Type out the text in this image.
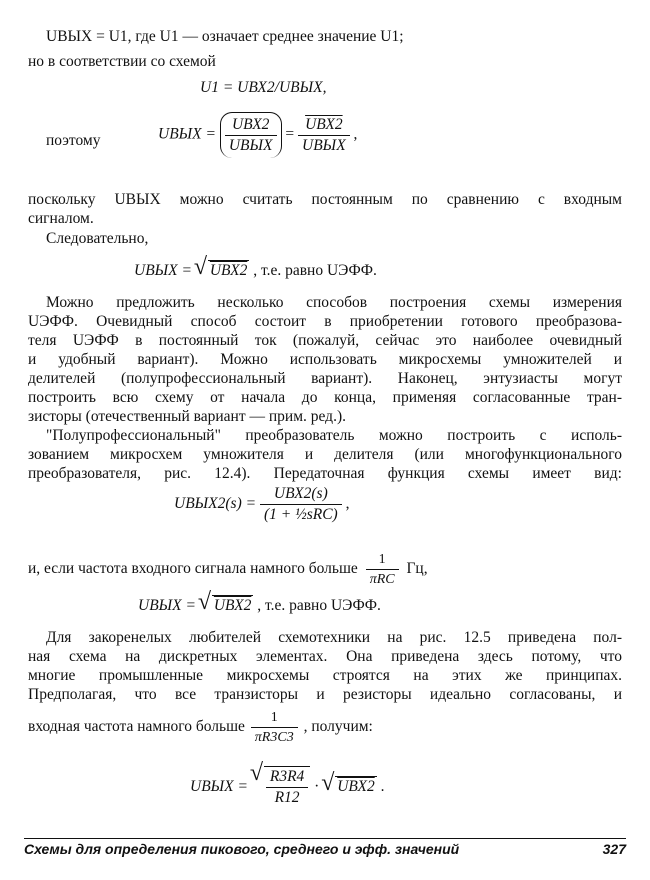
UВЫХ = U1, где U1 — означает среднее значение U1;
но в соответствии со схемой
U1 = UВХ2/UВЫХ,
поэтому	UВЫХ = $\frac{\text{UВХ2}}{\text{UВЫХ}} = \frac{\text{UВХ2}}{\text{UВЫХ}}$ ,
поскольку UВЫХ можно считать постоянным по сравнению с входным
сигналом.
Следовательно,
UВЫХ = √ UВХ2 , т.е. равно UЭФФ.
Можно предложить несколько способов построения схемы измерения
UЭФФ. Очевидный способ состоит в приобретении готового преобразова-
теля UЭФФ в постоянный ток (пожалуй, сейчас это наиболее очевидный
и удобный вариант). Можно использовать микросхемы умножителей и
делителей (полупрофессиональный вариант). Наконец, энтузиасты могут
построить всю схему от начала до конца, применяя согласованные тран-
зисторы (отечественный вариант — прим. ред.).
"Полупрофессиональный" преобразователь можно построить с исполь-
зованием микросхем умножителя и делителя (или многофункционального
преобразователя, рис. 12.4). Передаточная функция схемы имеет вид:
UВЫХ2(s) = $\frac{\text{UВХ2(s)}}{\text{(1 + ½sRC)}}$ ,
и, если частота входного сигнала намного больше $\frac{1}{\text{πRC}}$ Гц,
UВЫХ = √ UВХ2 , т.е. равно UЭФФ.
Для закоренелых любителей схемотехники на рис. 12.5 приведена пол-
ная схема на дискретных элементах. Она приведена здесь потому, что
многие промышленные микросхемы строятся на этих же принципах.
Предполагая, что все транзисторы и резисторы идеально согласованы, и
входная частота намного больше $\frac{1}{\pi R3C3}$ , получим:
UВЫХ = √ $\frac{R3R4}{R12}$ · √ UВХ2 .
Схемы для определения пикового, среднего и эфф. значений	327
